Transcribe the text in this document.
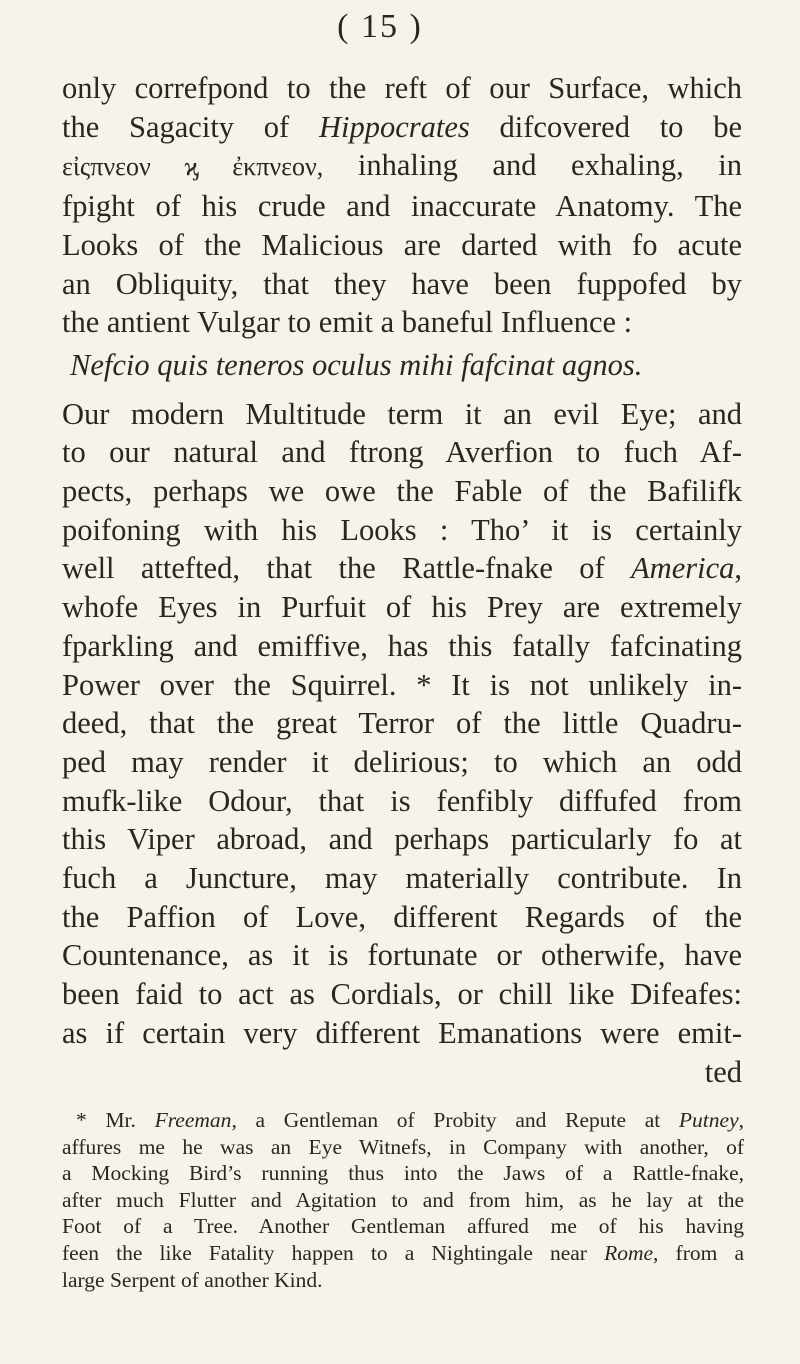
( 15 )
only correfpond to the reft of our Surface, which
the Sagacity of Hippocrates difcovered to be
εἰςπνεον ϗ ἐκπνεον, inhaling and exhaling, in
fpight of his crude and inaccurate Anatomy. The
Looks of the Malicious are darted with fo acute
an Obliquity, that they have been fuppofed by
the antient Vulgar to emit a baneful Influence :
Nefcio quis teneros oculus mihi fafcinat agnos.
Our modern Multitude term it an evil Eye; and
to our natural and ftrong Averfion to fuch Af-
pects, perhaps we owe the Fable of the Bafilifk
poifoning with his Looks : Tho’ it is certainly
well attefted, that the Rattle-fnake of America,
whofe Eyes in Purfuit of his Prey are extremely
fparkling and emiffive, has this fatally fafcinating
Power over the Squirrel. * It is not unlikely in-
deed, that the great Terror of the little Quadru-
ped may render it delirious; to which an odd
mufk-like Odour, that is fenfibly diffufed from
this Viper abroad, and perhaps particularly fo at
fuch a Juncture, may materially contribute. In
the Paffion of Love, different Regards of the
Countenance, as it is fortunate or otherwife, have
been faid to act as Cordials, or chill like Difeafes:
as if certain very different Emanations were emit-
ted
* Mr. Freeman, a Gentleman of Probity and Repute at Putney,
affures me he was an Eye Witnefs, in Company with another, of
a Mocking Bird’s running thus into the Jaws of a Rattle-fnake,
after much Flutter and Agitation to and from him, as he lay at the
Foot of a Tree. Another Gentleman affured me of his having
feen the like Fatality happen to a Nightingale near Rome, from a
large Serpent of another Kind.
